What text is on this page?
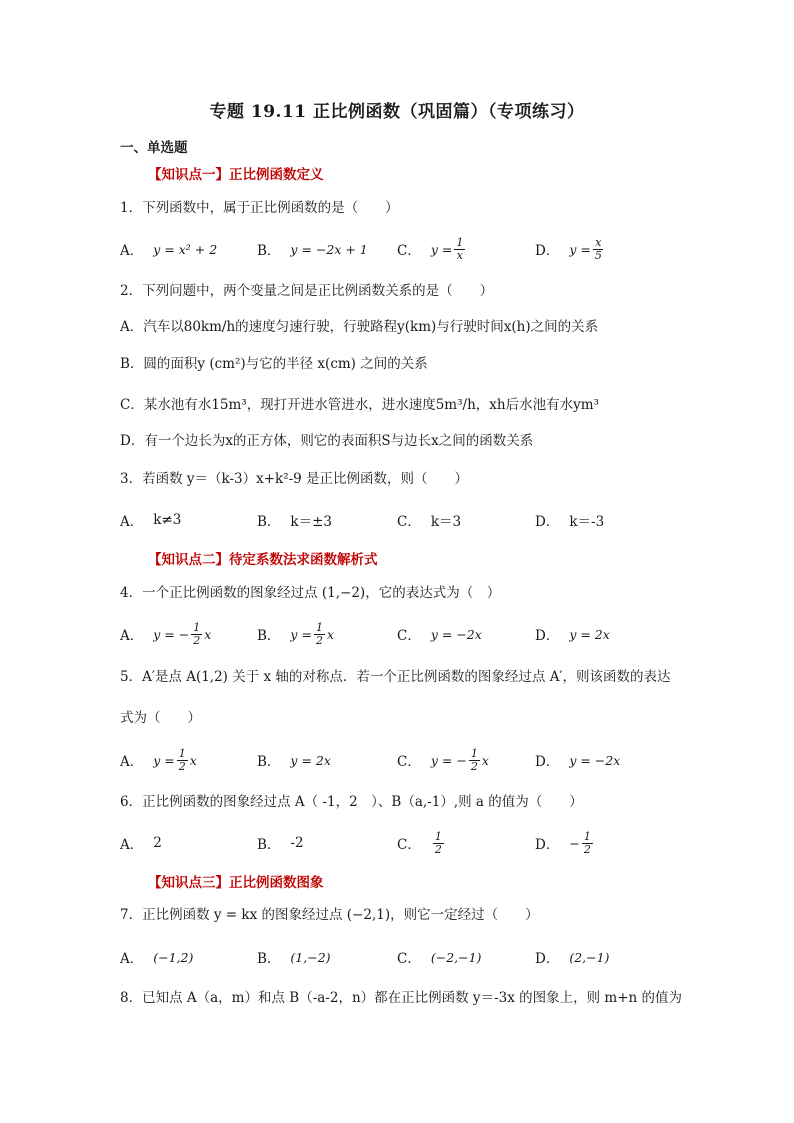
专题 19.11 正比例函数（巩固篇）（专项练习）
一、单选题
【知识点一】正比例函数定义
1．下列函数中，属于正比例函数的是（　　）
A． y = x² + 2	B． y = −2x + 1 C． $y = \frac{1}{x}$	D． $y = \frac{x}{5}$
2．下列问题中，两个变量之间是正比例函数关系的是（　　）
A．汽车以80km/h的速度匀速行驶，行驶路程y(km)与行驶时间x(h)之间的关系
B．圆的面积y (cm²)与它的半径 x(cm) 之间的关系
C．某水池有水15m³，现打开进水管进水，进水速度5m³/h，xh后水池有水ym³
D．有一个边长为x的正方体，则它的表面积S与边长x之间的函数关系
3．若函数 y＝（k-3）x+k²-9 是正比例函数，则（　　）
A． k≠3	B． k＝±3	C． k＝3	D． k＝-3
【知识点二】待定系数法求函数解析式
4．一个正比例函数的图象经过点 (1,−2)，它的表达式为（　）
A． y = − $\frac{1}{2}$ x	B． $y = \frac{1}{2}$ x	C． y = −2x	D． y = 2x
5．A′是点 A(1,2) 关于 x 轴的对称点．若一个正比例函数的图象经过点 A′，则该函数的表达
式为（　　）
A． $y = \frac{1}{2}$ x	B． y = 2x	C． y = − $\frac{1}{2}$ x	D． y = −2x
6．正比例函数的图象经过点 A（ -1，2　）、B（a,-1）,则 a 的值为（　　）
A． 2	B． -2	C． $\frac{1}{2}$	D． − $\frac{1}{2}$
【知识点三】正比例函数图象
7．正比例函数 y = kx 的图象经过点 (−2,1)，则它一定经过（　　）
A． (−1,2)	B． (1,−2)	C． (−2,−1)	D． (2,−1)
8．已知点 A（a，m）和点 B（-a-2，n）都在正比例函数 y＝-3x 的图象上，则 m+n 的值为
